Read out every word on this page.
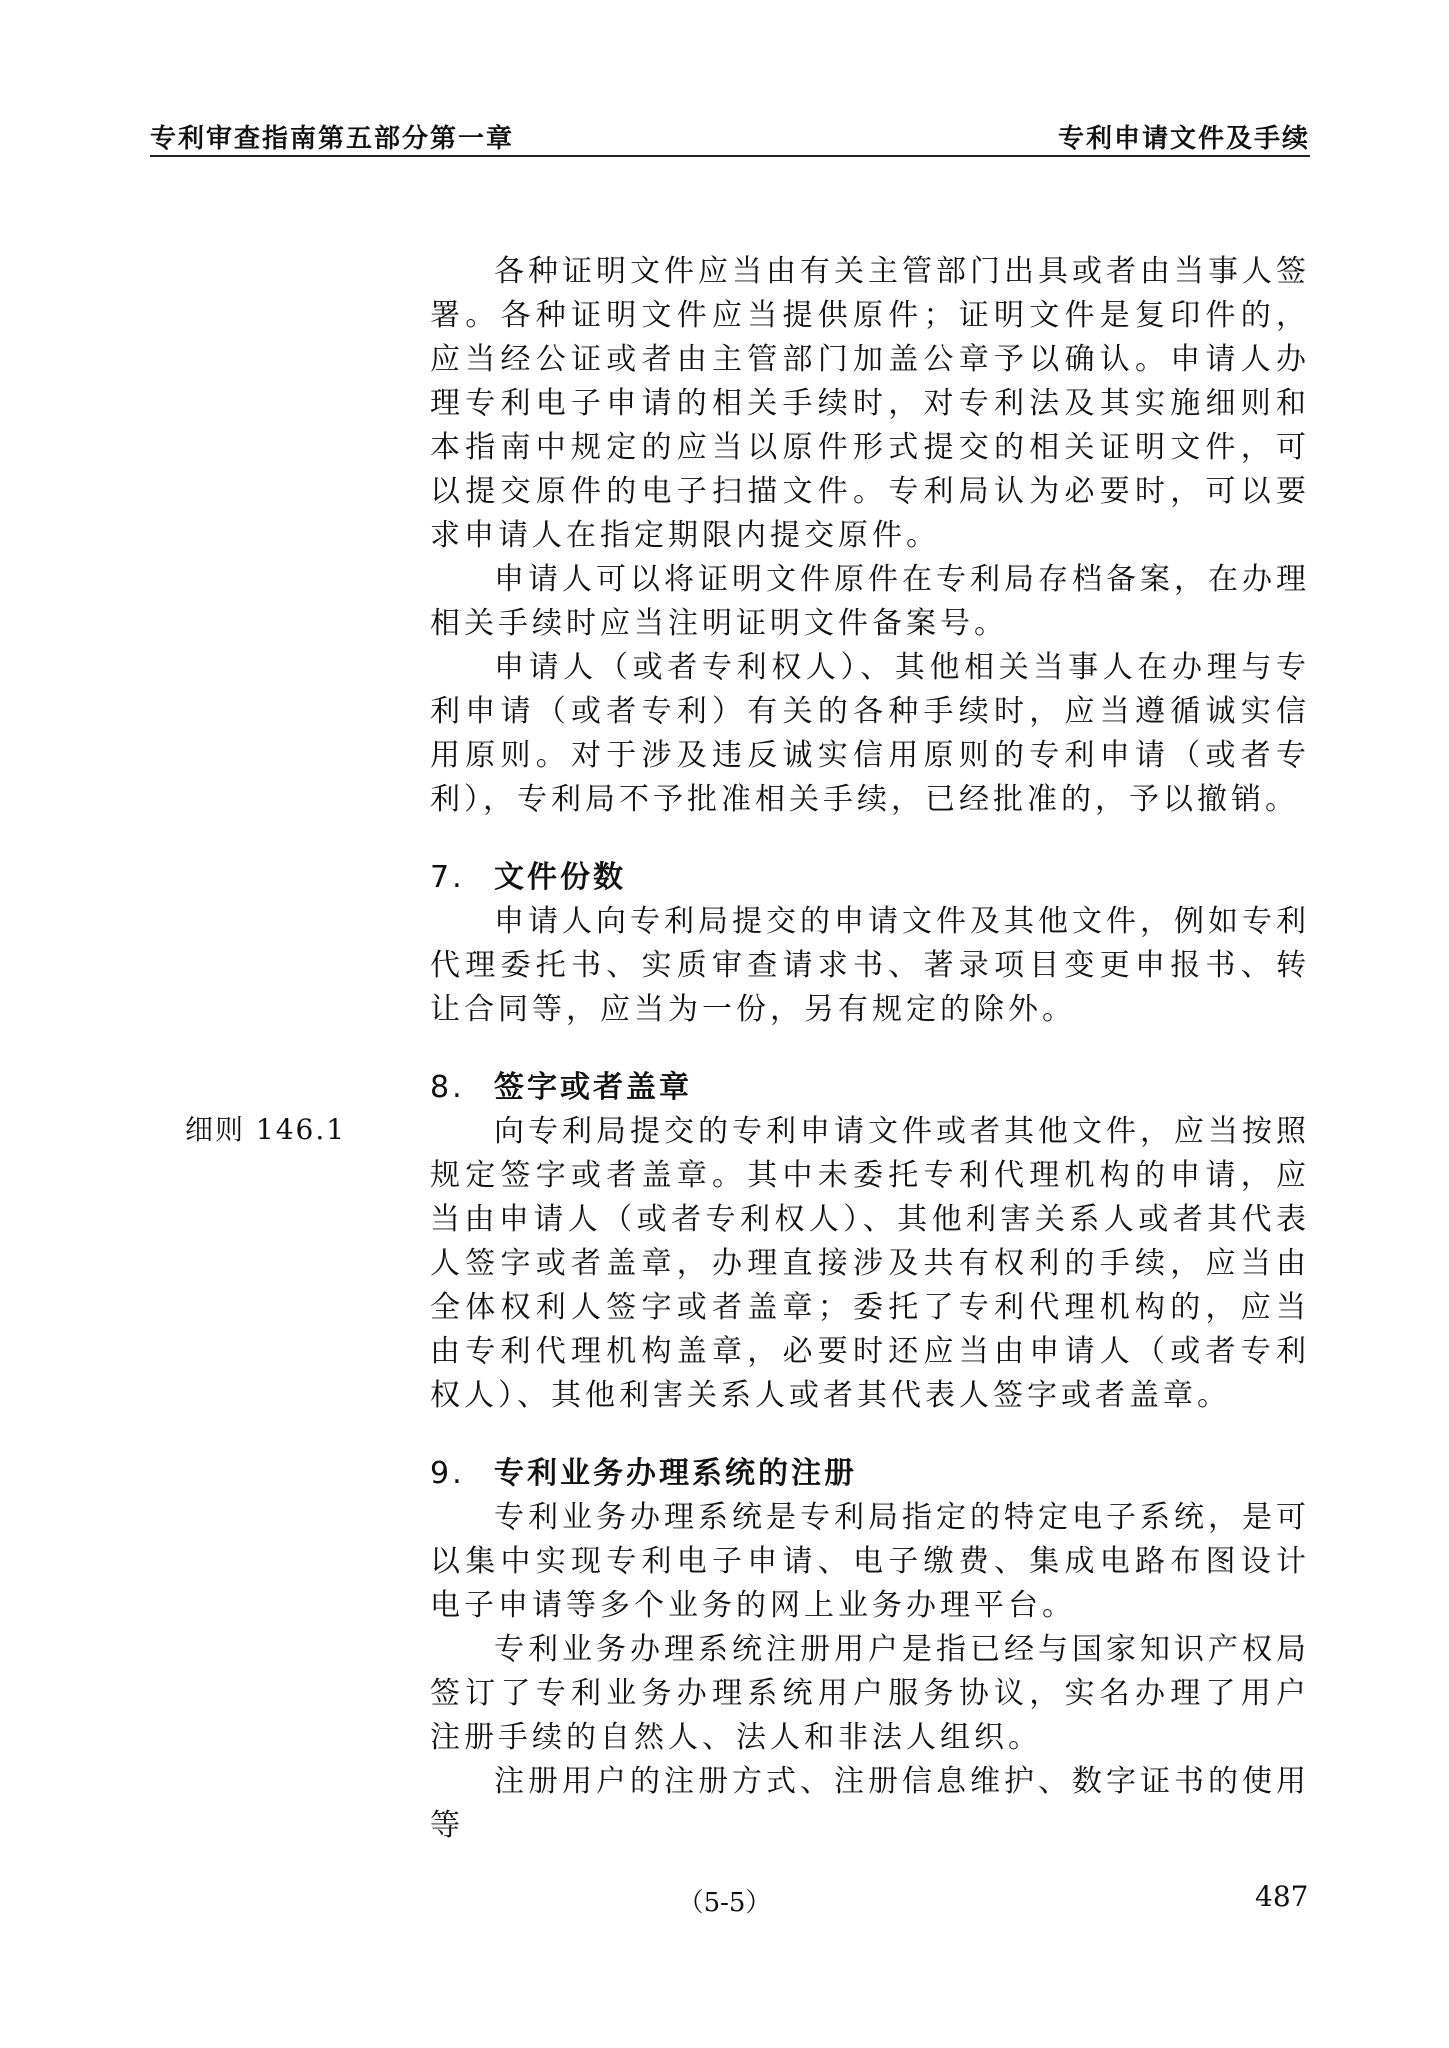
专利审查指南第五部分第一章	专利申请文件及手续
细则 146.1

各种证明文件应当由有关主管部门出具或者由当事人签署。各种证明文件应当提供原件；证明文件是复印件的，应当经公证或者由主管部门加盖公章予以确认。申请人办理专利电子申请的相关手续时，对专利法及其实施细则和本指南中规定的应当以原件形式提交的相关证明文件，可以提交原件的电子扫描文件。专利局认为必要时，可以要求申请人在指定期限内提交原件。

申请人可以将证明文件原件在专利局存档备案，在办理相关手续时应当注明证明文件备案号。

申请人（或者专利权人）、其他相关当事人在办理与专利申请（或者专利）有关的各种手续时，应当遵循诚实信用原则。对于涉及违反诚实信用原则的专利申请（或者专利），专利局不予批准相关手续，已经批准的，予以撤销。

7. 文件份数

申请人向专利局提交的申请文件及其他文件，例如专利代理委托书、实质审查请求书、著录项目变更申报书、转让合同等，应当为一份，另有规定的除外。

8. 签字或者盖章

向专利局提交的专利申请文件或者其他文件，应当按照规定签字或者盖章。其中未委托专利代理机构的申请，应当由申请人（或者专利权人）、其他利害关系人或者其代表人签字或者盖章，办理直接涉及共有权利的手续，应当由全体权利人签字或者盖章；委托了专利代理机构的，应当由专利代理机构盖章，必要时还应当由申请人（或者专利权人）、其他利害关系人或者其代表人签字或者盖章。

9. 专利业务办理系统的注册

专利业务办理系统是专利局指定的特定电子系统，是可以集中实现专利电子申请、电子缴费、集成电路布图设计电子申请等多个业务的网上业务办理平台。

专利业务办理系统注册用户是指已经与国家知识产权局签订了专利业务办理系统用户服务协议，实名办理了用户注册手续的自然人、法人和非法人组织。

注册用户的注册方式、注册信息维护、数字证书的使用等

（5-5）	487
